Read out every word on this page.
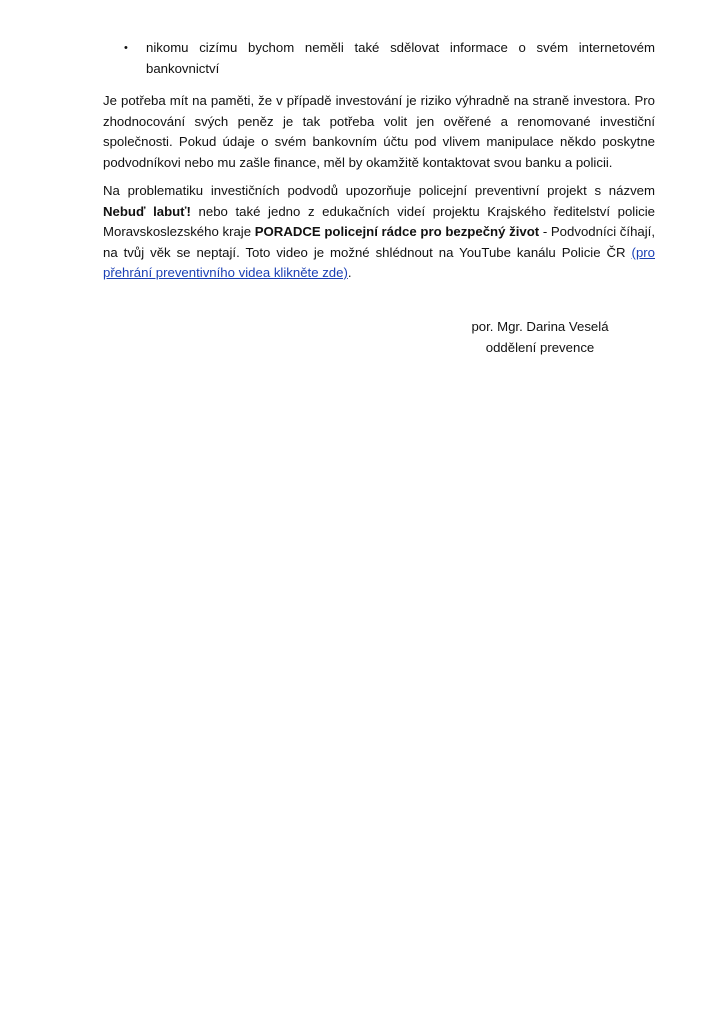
• nikomu cizímu bychom neměli také sdělovat informace o svém internetovém
bankovnictví
Je potřeba mít na paměti, že v případě investování je riziko výhradně na straně investora. Pro
zhodnocování svých peněz je tak potřeba volit jen ověřené a renomované investiční
společnosti. Pokud údaje o svém bankovním účtu pod vlivem manipulace někdo poskytne
podvodníkovi nebo mu zašle finance, měl by okamžitě kontaktovat svou banku a policii.
Na problematiku investičních podvodů upozorňuje policejní preventivní projekt s názvem
Nebuď labuť! nebo také jedno z edukačních videí projektu Krajského ředitelství policie
Moravskoslezského kraje PORADCE policejní rádce pro bezpečný život - Podvodníci číhají,
na tvůj věk se neptají. Toto video je možné shlédnout na YouTube kanálu Policie ČR (pro
přehrání preventivního videa klikněte zde).
por. Mgr. Darina Veselá
oddělení prevence
